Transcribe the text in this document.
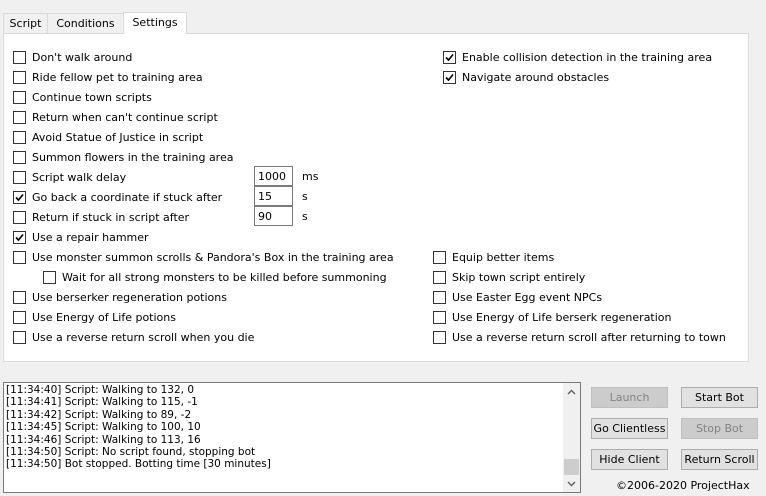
Script	Conditions	Settings
Don't walk around
Ride fellow pet to training area
Continue town scripts
Return when can't continue script
Avoid Statue of Justice in script
Summon flowers in the training area
Script walk delay
1000	ms
Go back a coordinate if stuck after
15	s
Return if stuck in script after
90	s
Use a repair hammer
Use monster summon scrolls & Pandora's Box in the training area
Wait for all strong monsters to be killed before summoning
Use berserker regeneration potions
Use Energy of Life potions
Use a reverse return scroll when you die
Enable collision detection in the training area
Navigate around obstacles
Equip better items
Skip town script entirely
Use Easter Egg event NPCs
Use Energy of Life berserk regeneration
Use a reverse return scroll after returning to town
[11:34:40] Script: Walking to 132, 0
[11:34:41] Script: Walking to 115, -1
[11:34:42] Script: Walking to 89, -2
[11:34:45] Script: Walking to 100, 10
[11:34:46] Script: Walking to 113, 16
[11:34:50] Script: No script found, stopping bot
[11:34:50] Bot stopped. Botting time [30 minutes]
Launch	Start Bot
Go Clientless	Stop Bot
Hide Client	Return Scroll
©2006-2020 ProjectHax
